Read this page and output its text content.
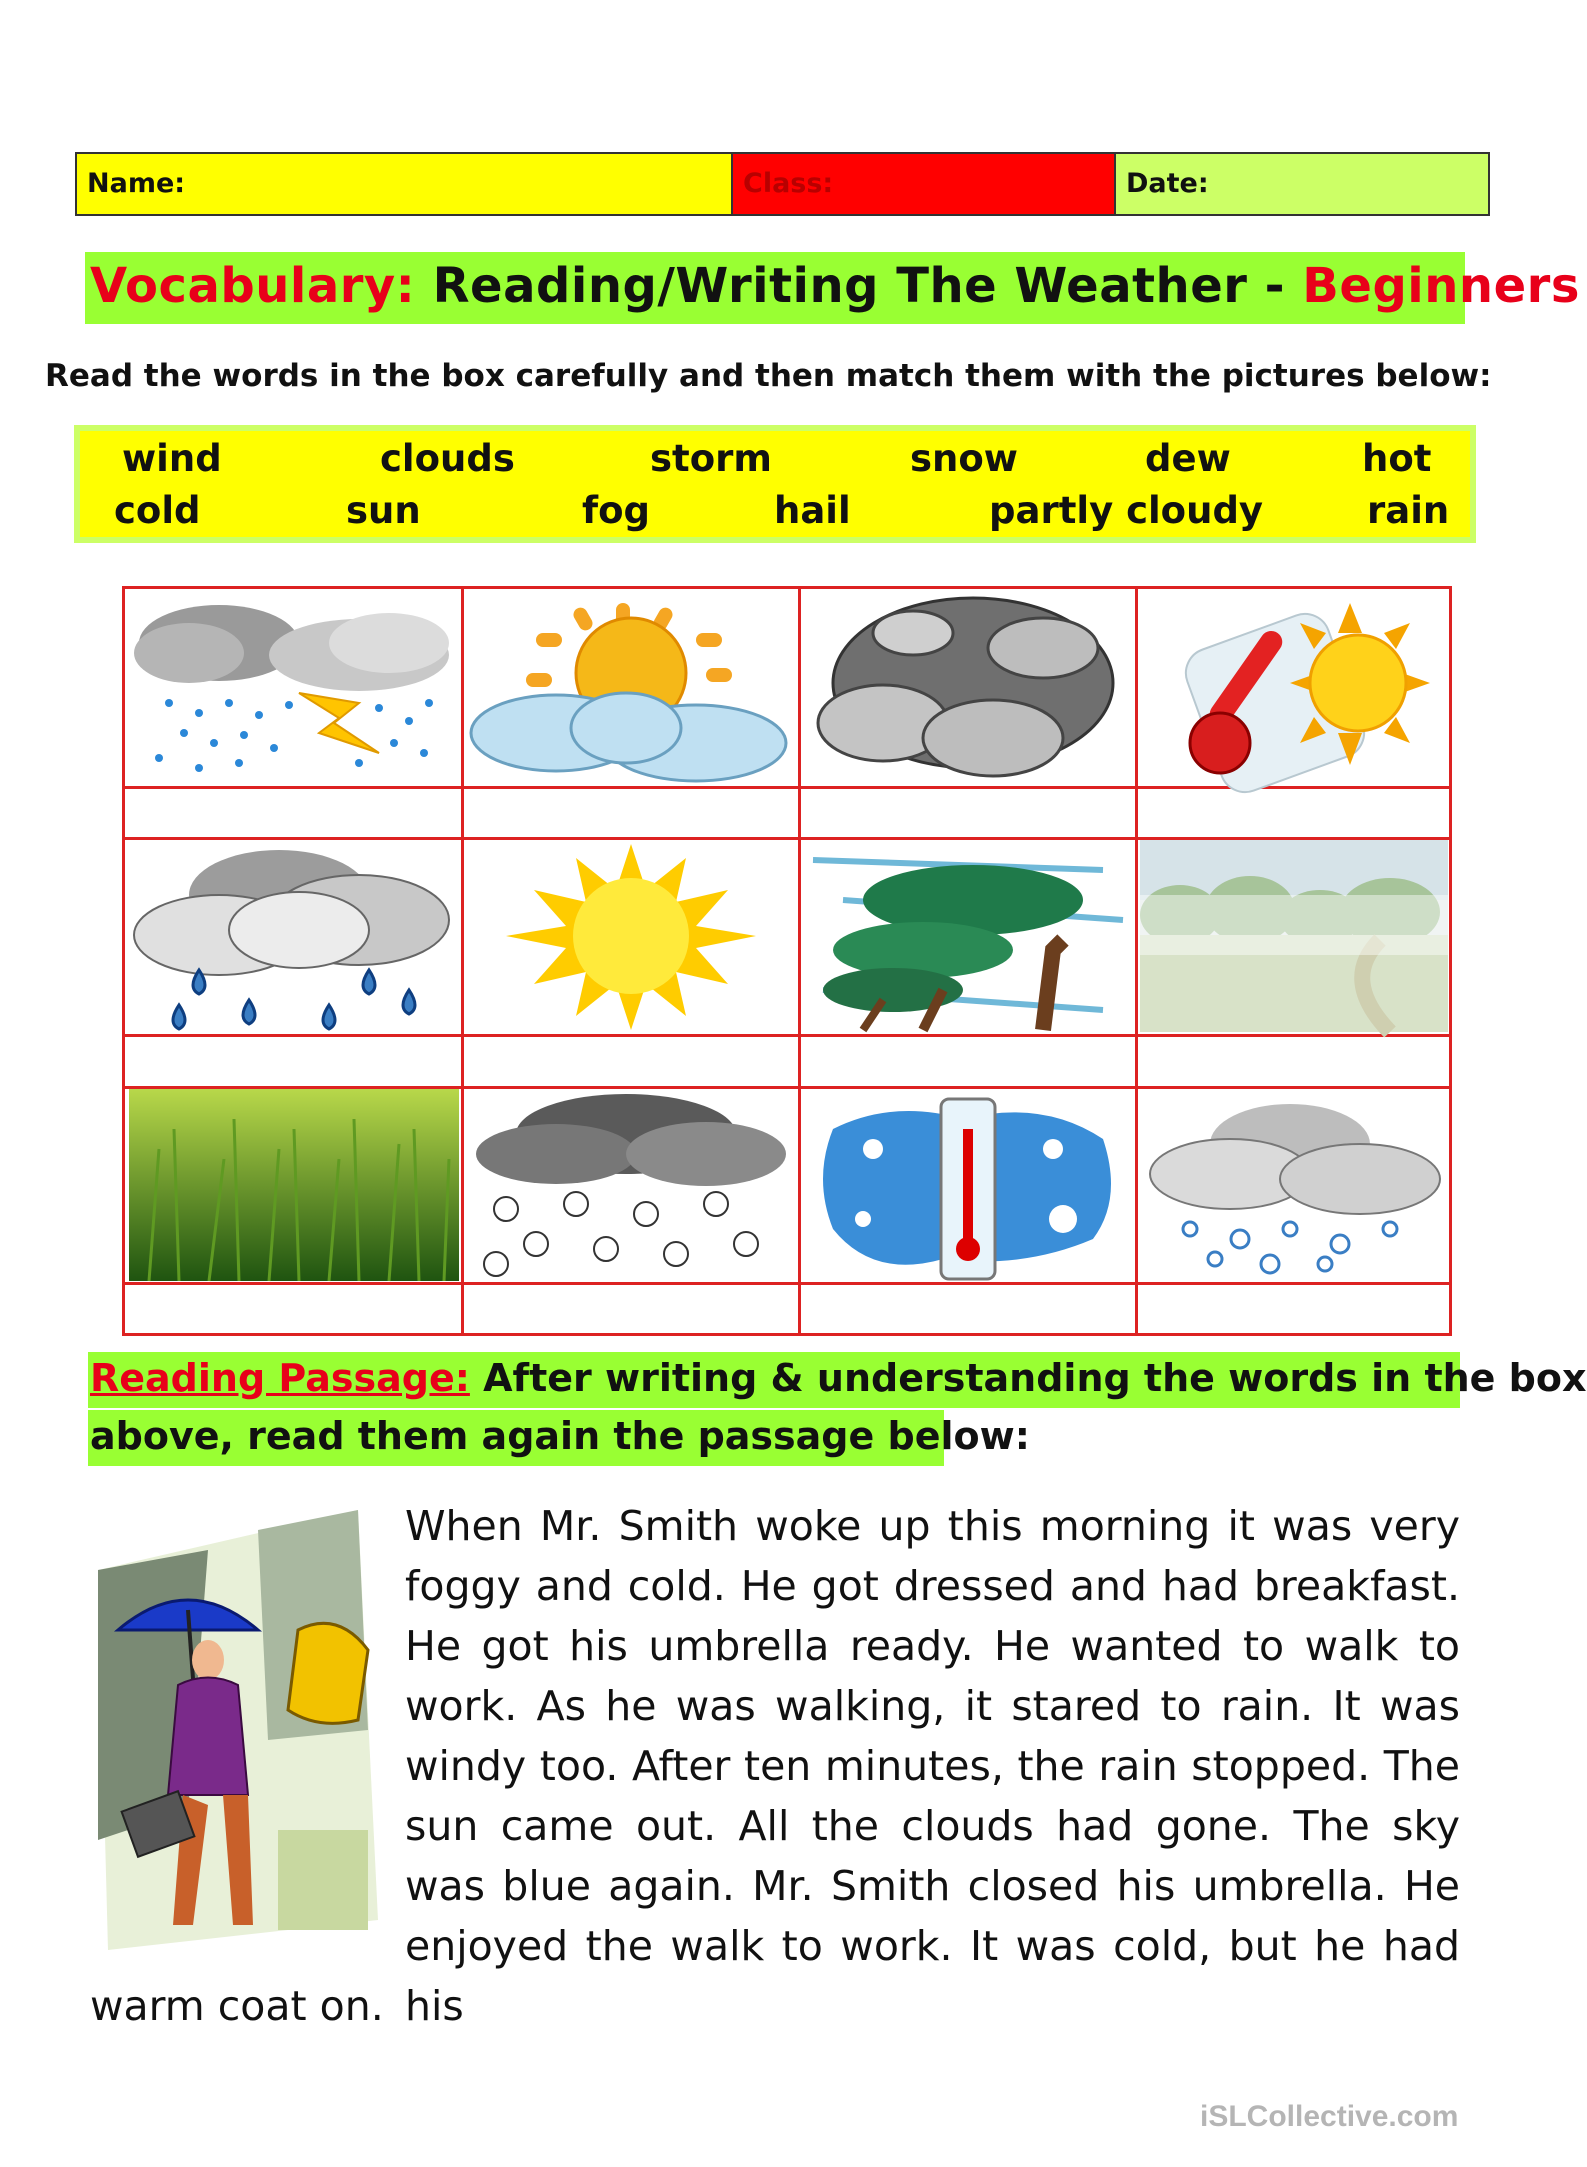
Name:	Class:	Date:
Vocabulary: Reading/Writing The Weather - Beginners
Read the words in the box carefully and then match them with the pictures below:
wind	clouds	storm	snow	dew	hot
cold	sun	fog	hail	partly cloudy	rain
Reading Passage: After writing & understanding the words in the box
above, read them again the passage below:
When Mr. Smith woke up this morning it was very foggy and cold. He got dressed and had breakfast. He got his umbrella ready. He wanted to walk to work. As he was walking, it stared to rain. It was windy too. After ten minutes, the rain stopped. The sun came out. All the clouds had gone. The sky was blue again. Mr. Smith closed his umbrella. He enjoyed the walk to work. It was cold, but he had his
warm coat on.
iSLCollective.com
